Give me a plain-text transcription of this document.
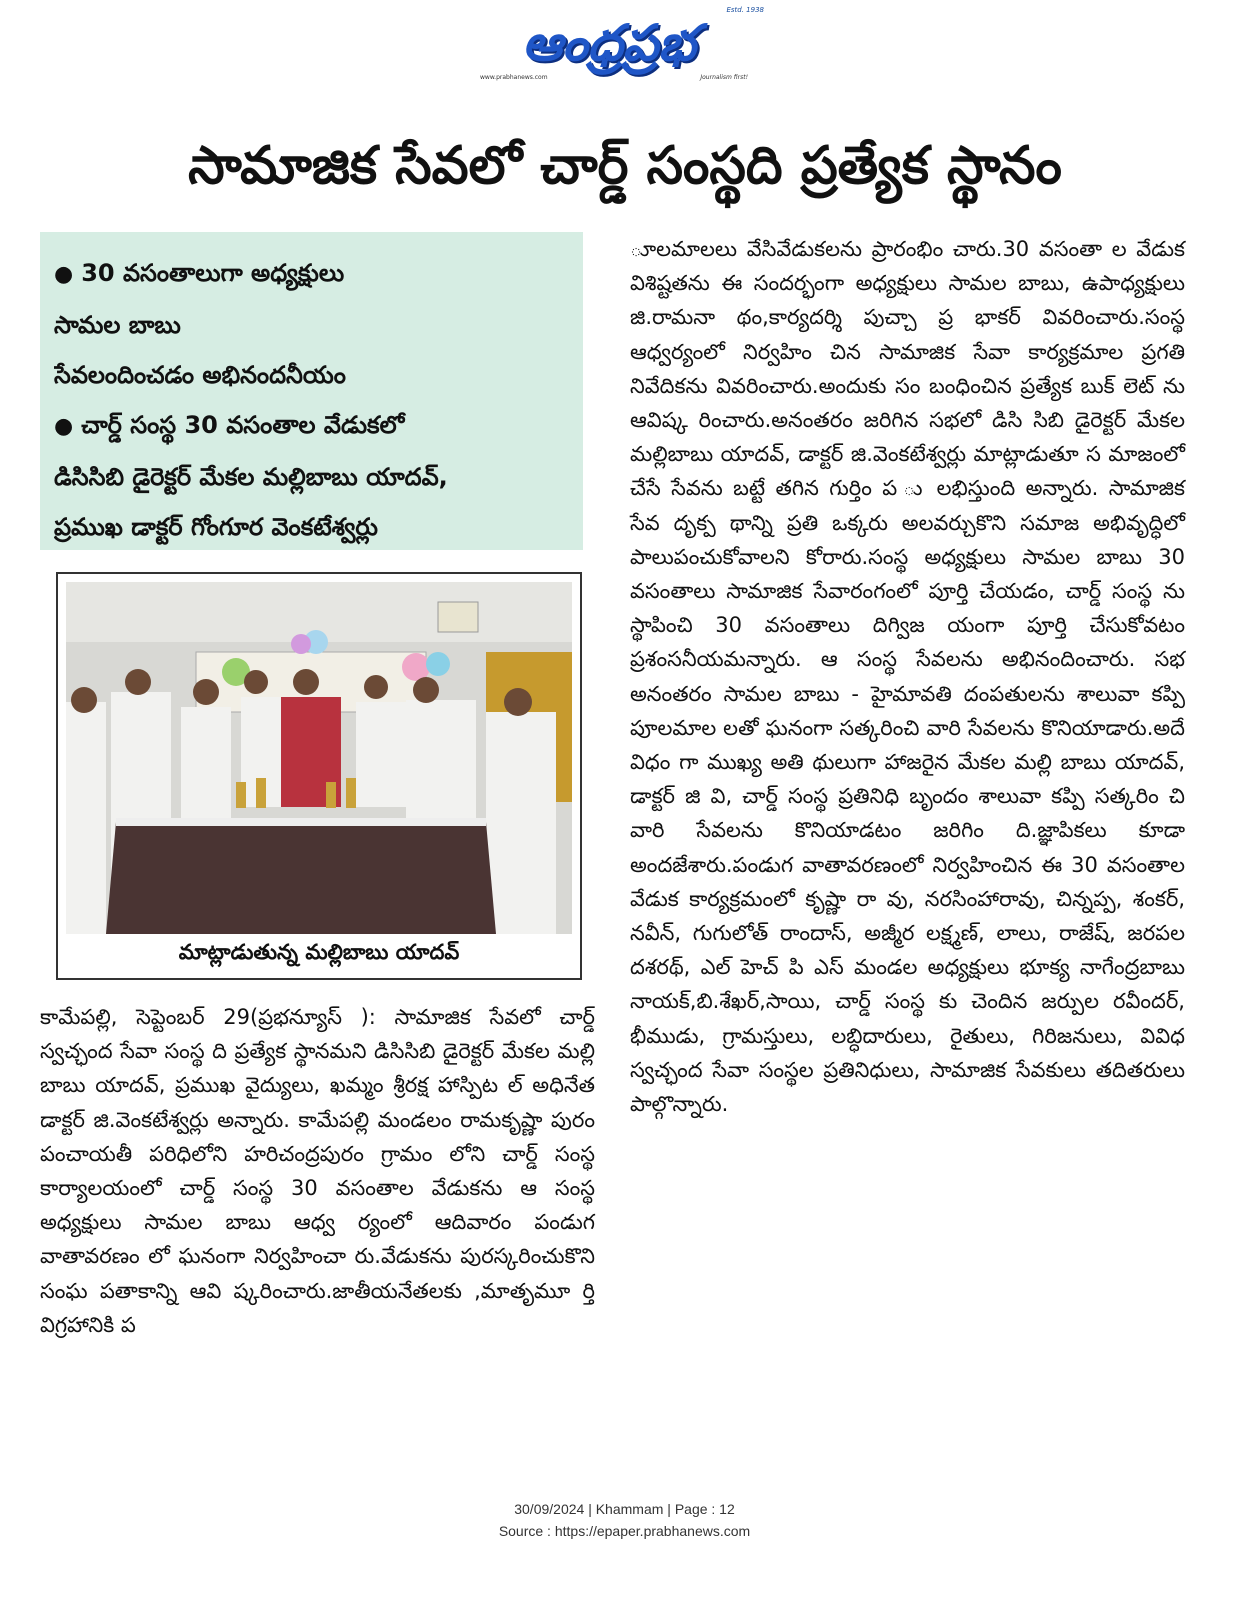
Estd. 1938
ఆంధ్రప్రభ
www.prabhanews.com	Journalism first!
సామాజిక సేవలో చార్డ్ సంస్థది ప్రత్యేక స్థానం
● 30 వసంతాలుగా అధ్యక్షులు
సామల బాబు
సేవలందించడం అభినందనీయం
● చార్డ్ సంస్థ 30 వసంతాల వేడుకలో
డిసిసిబి డైరెక్టర్ మేకల మల్లిబాబు యాదవ్,
ప్రముఖ డాక్టర్ గోంగూర వెంకటేశ్వర్లు
మాట్లాడుతున్న మల్లిబాబు యాదవ్

కామేపల్లి, సెప్టెంబర్ 29(ప్రభన్యూస్ ): సామాజిక సేవలో చార్డ్ స్వచ్ఛంద సేవా సంస్థ ది ప్రత్యేక స్థానమని డిసిసిబి డైరెక్టర్ మేకల మల్లి బాబు యాదవ్, ప్రముఖ వైద్యులు, ఖమ్మం శ్రీరక్ష హాస్పిట ల్ అధినేత డాక్టర్ జి.వెంకటేశ్వర్లు అన్నారు. కామేపల్లి మండలం రామకృష్ణా పురం పంచాయతీ పరిధిలోని హరిచంద్రపురం గ్రామం లోని చార్డ్ సంస్థ కార్యాలయంలో చార్డ్ సంస్థ 30 వసంతాల వేడుకను ఆ సంస్థ అధ్యక్షులు సామల బాబు ఆధ్వ ర్యంలో ఆదివారం పండుగ వాతావరణం లో ఘనంగా నిర్వహించా రు.వేడుకను పురస్కరించుకొని సంఘ పతాకాన్ని ఆవి ష్కరించారు.జాతీయనేతలకు ,మాతృమూ ర్తి విగ్రహానికి ప

ూలమాలలు వేసివేడుకలను ప్రారంభిం చారు.30 వసంతా ల వేడుక విశిష్టతను ఈ సందర్భంగా అధ్యక్షులు సామల బాబు, ఉపాధ్యక్షులు జి.రామనా థం,కార్యదర్శి పుచ్చా ప్ర భాకర్ వివరించారు.సంస్థ ఆధ్వర్యంలో నిర్వహిం చిన సామాజిక సేవా కార్యక్రమాల ప్రగతి నివేదికను వివరించారు.అందుకు సం బంధించిన ప్రత్యేక బుక్ లెట్ ను ఆవిష్క రించారు.అనంతరం జరిగిన సభలో డిసి సిబి డైరెక్టర్ మేకల మల్లిబాబు యాదవ్, డాక్టర్ జి.వెంకటేశ్వర్లు మాట్లాడుతూ స మాజంలో చేసే సేవను బట్టే తగిన గుర్తిం ప ు లభిస్తుంది అన్నారు. సామాజిక సేవ దృక్ప థాన్ని ప్రతి ఒక్కరు అలవర్చుకొని సమాజ అభివృద్ధిలో పాలుపంచుకోవాలని కోరారు.సంస్థ అధ్యక్షులు సామల బాబు 30 వసంతాలు సామాజిక సేవారంగంలో పూర్తి చేయడం, చార్డ్ సంస్థ ను స్థాపించి 30 వసంతాలు దిగ్విజ యంగా పూర్తి చేసుకోవటం ప్రశంసనీయమన్నారు. ఆ సంస్థ సేవలను అభినందించారు. సభ అనంతరం సామల బాబు - హైమావతి దంపతులను శాలువా కప్పి పూలమాల లతో ఘనంగా సత్కరించి వారి సేవలను కొనియాడారు.అదే విధం గా ముఖ్య అతి థులుగా హాజరైన మేకల మల్లి బాబు యాదవ్, డాక్టర్ జి వి, చార్డ్ సంస్థ ప్రతినిధి బృందం శాలువా కప్పి సత్కరిం చి వారి సేవలను కొనియాడటం జరిగిం ది.జ్ఞాపికలు కూడా అందజేశారు.పండుగ వాతావరణంలో నిర్వహించిన ఈ 30 వసంతాల వేడుక కార్యక్రమంలో కృష్ణా రా వు, నరసింహారావు, చిన్నప్ప, శంకర్, నవీన్, గుగులోత్ రాందాస్, అజ్మీర లక్ష్మణ్, లాలు, రాజేష్, జరపల దశరథ్, ఎల్ హెచ్ పి ఎస్ మండల అధ్యక్షులు భూక్య నాగేంద్రబాబు నాయక్,బి.శేఖర్,సాయి, చార్డ్ సంస్థ కు చెందిన జర్పుల రవీందర్, భీముడు, గ్రామస్తులు, లబ్ధిదారులు, రైతులు, గిరిజనులు, వివిధ స్వచ్ఛంద సేవా సంస్థల ప్రతినిధులు, సామాజిక సేవకులు తదితరులు పాల్గొన్నారు.

30/09/2024 | Khammam | Page : 12
Source : https://epaper.prabhanews.com
